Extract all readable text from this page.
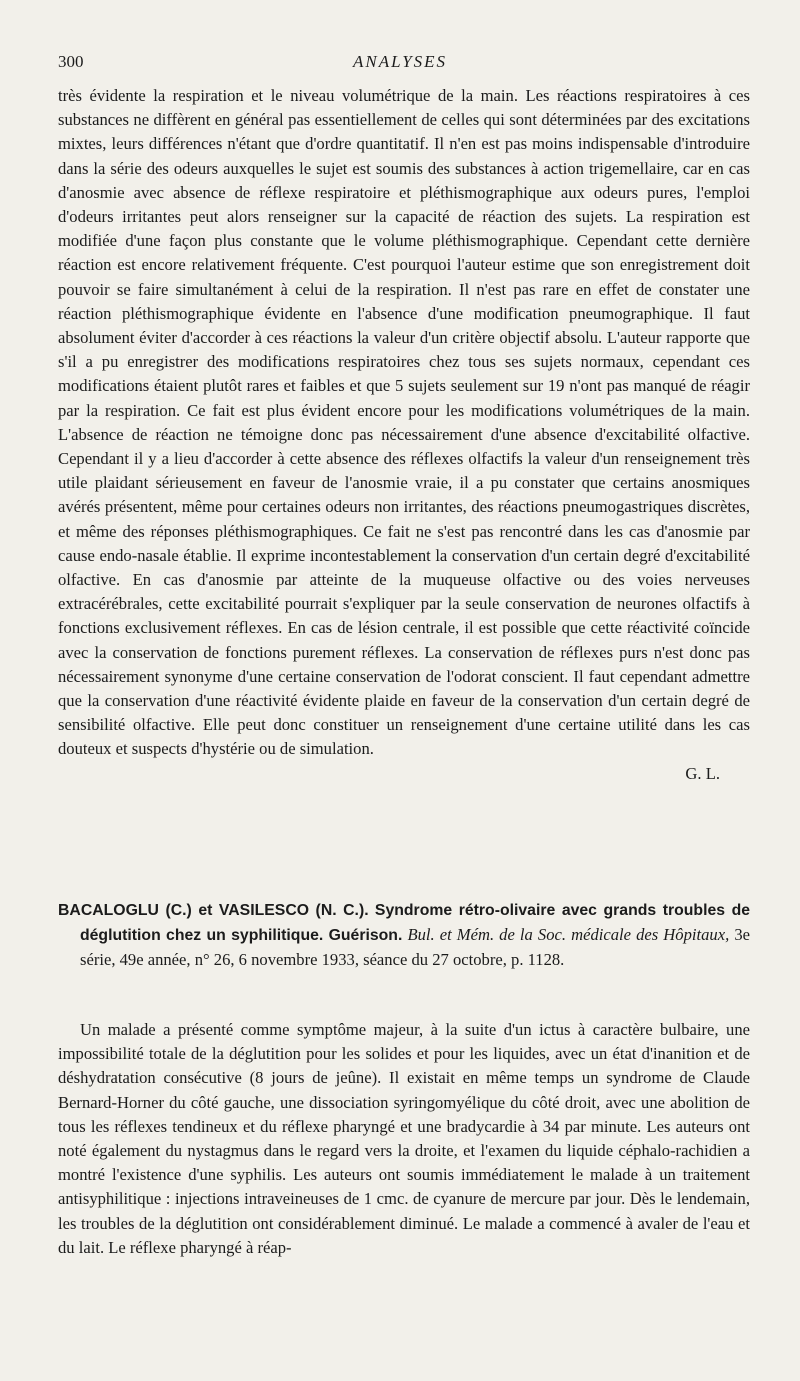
300	ANALYSES

très évidente la respiration et le niveau volumétrique de la main. Les réactions respiratoires à ces substances ne diffèrent en général pas essentiellement de celles qui sont déterminées par des excitations mixtes, leurs différences n'étant que d'ordre quantitatif. Il n'en est pas moins indispensable d'introduire dans la série des odeurs auxquelles le sujet est soumis des substances à action trigemellaire, car en cas d'anosmie avec absence de réflexe respiratoire et pléthismographique aux odeurs pures, l'emploi d'odeurs irritantes peut alors renseigner sur la capacité de réaction des sujets. La respiration est modifiée d'une façon plus constante que le volume pléthismographique. Cependant cette dernière réaction est encore relativement fréquente. C'est pourquoi l'auteur estime que son enregistrement doit pouvoir se faire simultanément à celui de la respiration. Il n'est pas rare en effet de constater une réaction pléthismographique évidente en l'absence d'une modification pneumographique. Il faut absolument éviter d'accorder à ces réactions la valeur d'un critère objectif absolu. L'auteur rapporte que s'il a pu enregistrer des modifications respiratoires chez tous ses sujets normaux, cependant ces modifications étaient plutôt rares et faibles et que 5 sujets seulement sur 19 n'ont pas manqué de réagir par la respiration. Ce fait est plus évident encore pour les modifications volumétriques de la main. L'absence de réaction ne témoigne donc pas nécessairement d'une absence d'excitabilité olfactive. Cependant il y a lieu d'accorder à cette absence des réflexes olfactifs la valeur d'un renseignement très utile plaidant sérieusement en faveur de l'anosmie vraie, il a pu constater que certains anosmiques avérés présentent, même pour certaines odeurs non irritantes, des réactions pneumogastriques discrètes, et même des réponses pléthismographiques. Ce fait ne s'est pas rencontré dans les cas d'anosmie par cause endo-nasale établie. Il exprime incontestablement la conservation d'un certain degré d'excitabilité olfactive. En cas d'anosmie par atteinte de la muqueuse olfactive ou des voies nerveuses extracérébrales, cette excitabilité pourrait s'expliquer par la seule conservation de neurones olfactifs à fonctions exclusivement réflexes. En cas de lésion centrale, il est possible que cette réactivité coïncide avec la conservation de fonctions purement réflexes. La conservation de réflexes purs n'est donc pas nécessairement synonyme d'une certaine conservation de l'odorat conscient. Il faut cependant admettre que la conservation d'une réactivité évidente plaide en faveur de la conservation d'un certain degré de sensibilité olfactive. Elle peut donc constituer un renseignement d'une certaine utilité dans les cas douteux et suspects d'hystérie ou de simulation.

G. L.

BACALOGLU (C.) et VASILESCO (N. C.). Syndrome rétro-olivaire avec grands troubles de déglutition chez un syphilitique. Guérison. Bul. et Mém. de la Soc. médicale des Hôpitaux, 3e série, 49e année, n° 26, 6 novembre 1933, séance du 27 octobre, p. 1128.

Un malade a présenté comme symptôme majeur, à la suite d'un ictus à caractère bulbaire, une impossibilité totale de la déglutition pour les solides et pour les liquides, avec un état d'inanition et de déshydratation consécutive (8 jours de jeûne). Il existait en même temps un syndrome de Claude Bernard-Horner du côté gauche, une dissociation syringomyélique du côté droit, avec une abolition de tous les réflexes tendineux et du réflexe pharyngé et une bradycardie à 34 par minute. Les auteurs ont noté également du nystagmus dans le regard vers la droite, et l'examen du liquide céphalo-rachidien a montré l'existence d'une syphilis. Les auteurs ont soumis immédiatement le malade à un traitement antisyphilitique : injections intraveineuses de 1 cmc. de cyanure de mercure par jour. Dès le lendemain, les troubles de la déglutition ont considérablement diminué. Le malade a commencé à avaler de l'eau et du lait. Le réflexe pharyngé à réap-
